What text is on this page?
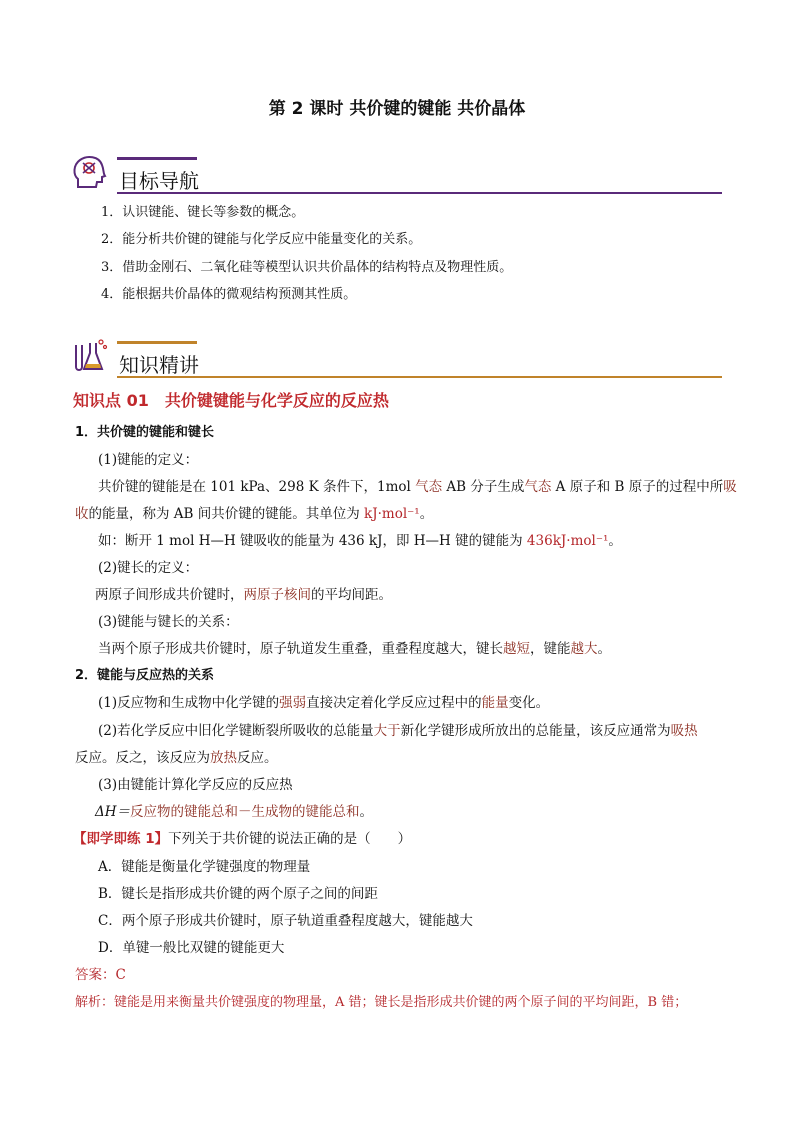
第 2 课时 共价键的键能 共价晶体
目标导航
1．认识键能、键长等参数的概念。
2．能分析共价键的键能与化学反应中能量变化的关系。
3．借助金刚石、二氧化硅等模型认识共价晶体的结构特点及物理性质。
4．能根据共价晶体的微观结构预测其性质。
知识精讲
知识点 01 共价键键能与化学反应的反应热
1．共价键的键能和键长
(1)键能的定义：
共价键的键能是在 101 kPa、298 K 条件下，1mol 气态 AB 分子生成气态 A 原子和 B 原子的过程中所吸
收的能量，称为 AB 间共价键的键能。其单位为 kJ·mol⁻¹。
如：断开 1 mol H—H 键吸收的能量为 436 kJ，即 H—H 键的键能为 436kJ·mol⁻¹。
(2)键长的定义：
两原子间形成共价键时，两原子核间的平均间距。
(3)键能与键长的关系：
当两个原子形成共价键时，原子轨道发生重叠，重叠程度越大，键长越短，键能越大。
2．键能与反应热的关系
(1)反应物和生成物中化学键的强弱直接决定着化学反应过程中的能量变化。
(2)若化学反应中旧化学键断裂所吸收的总能量大于新化学键形成所放出的总能量，该反应通常为吸热
反应。反之，该反应为放热反应。
(3)由键能计算化学反应的反应热
ΔH＝反应物的键能总和－生成物的键能总和。
【即学即练 1】下列关于共价键的说法正确的是（　　）
A．键能是衡量化学键强度的物理量
B．键长是指形成共价键的两个原子之间的间距
C．两个原子形成共价键时，原子轨道重叠程度越大，键能越大
D．单键一般比双键的键能更大
答案：C
解析：键能是用来衡量共价键强度的物理量，A 错；键长是指形成共价键的两个原子间的平均间距，B 错；
